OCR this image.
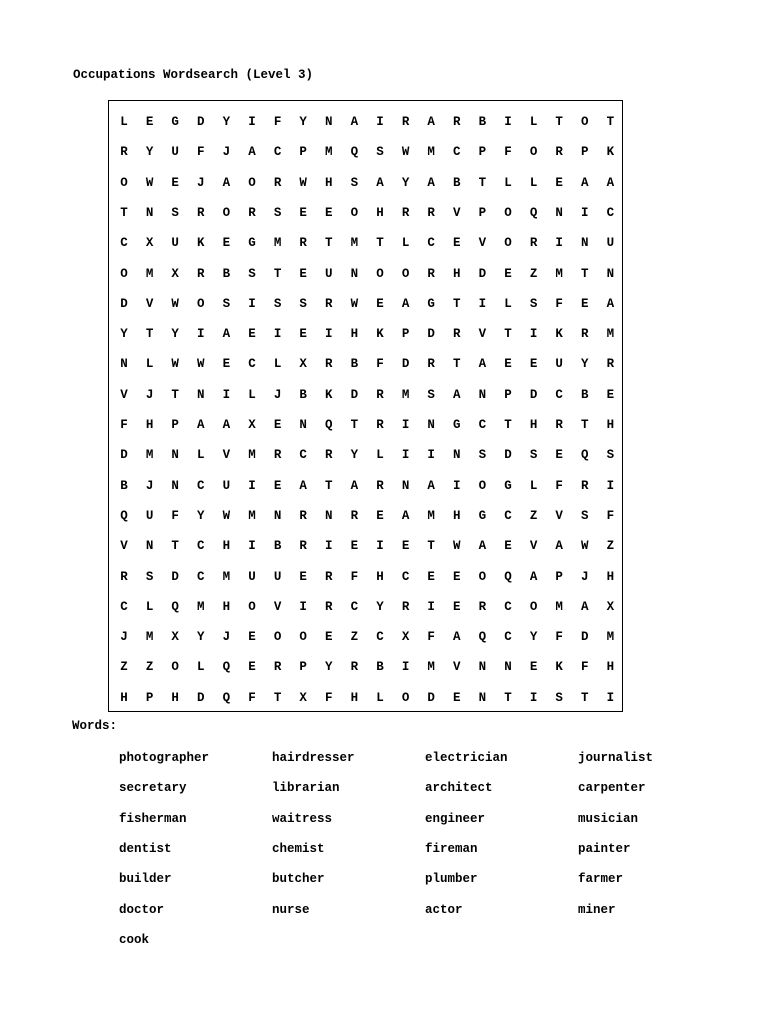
Occupations Wordsearch (Level 3)
L	E	G	D	Y	I	F	Y	N	A	I	R	A	R	B	I	L	T	O	T
R	Y	U	F	J	A	C	P	M	Q	S	W	M	C	P	F	O	R	P	K
O	W	E	J	A	O	R	W	H	S	A	Y	A	B	T	L	L	E	A	A
T	N	S	R	O	R	S	E	E	O	H	R	R	V	P	O	Q	N	I	C
C	X	U	K	E	G	M	R	T	M	T	L	C	E	V	O	R	I	N	U
O	M	X	R	B	S	T	E	U	N	O	O	R	H	D	E	Z	M	T	N
D	V	W	O	S	I	S	S	R	W	E	A	G	T	I	L	S	F	E	A
Y	T	Y	I	A	E	I	E	I	H	K	P	D	R	V	T	I	K	R	M
N	L	W	W	E	C	L	X	R	B	F	D	R	T	A	E	E	U	Y	R
V	J	T	N	I	L	J	B	K	D	R	M	S	A	N	P	D	C	B	E
F	H	P	A	A	X	E	N	Q	T	R	I	N	G	C	T	H	R	T	H
D	M	N	L	V	M	R	C	R	Y	L	I	I	N	S	D	S	E	Q	S
B	J	N	C	U	I	E	A	T	A	R	N	A	I	O	G	L	F	R	I
Q	U	F	Y	W	M	N	R	N	R	E	A	M	H	G	C	Z	V	S	F
V	N	T	C	H	I	B	R	I	E	I	E	T	W	A	E	V	A	W	Z
R	S	D	C	M	U	U	E	R	F	H	C	E	E	O	Q	A	P	J	H
C	L	Q	M	H	O	V	I	R	C	Y	R	I	E	R	C	O	M	A	X
J	M	X	Y	J	E	O	O	E	Z	C	X	F	A	Q	C	Y	F	D	M
Z	Z	O	L	Q	E	R	P	Y	R	B	I	M	V	N	N	E	K	F	H
H	P	H	D	Q	F	T	X	F	H	L	O	D	E	N	T	I	S	T	I
Words:
photographer	hairdresser	electrician	journalist
secretary	librarian	architect	carpenter
fisherman	waitress	engineer	musician
dentist	chemist	fireman	painter
builder	butcher	plumber	farmer
doctor	nurse	actor	miner
cook
